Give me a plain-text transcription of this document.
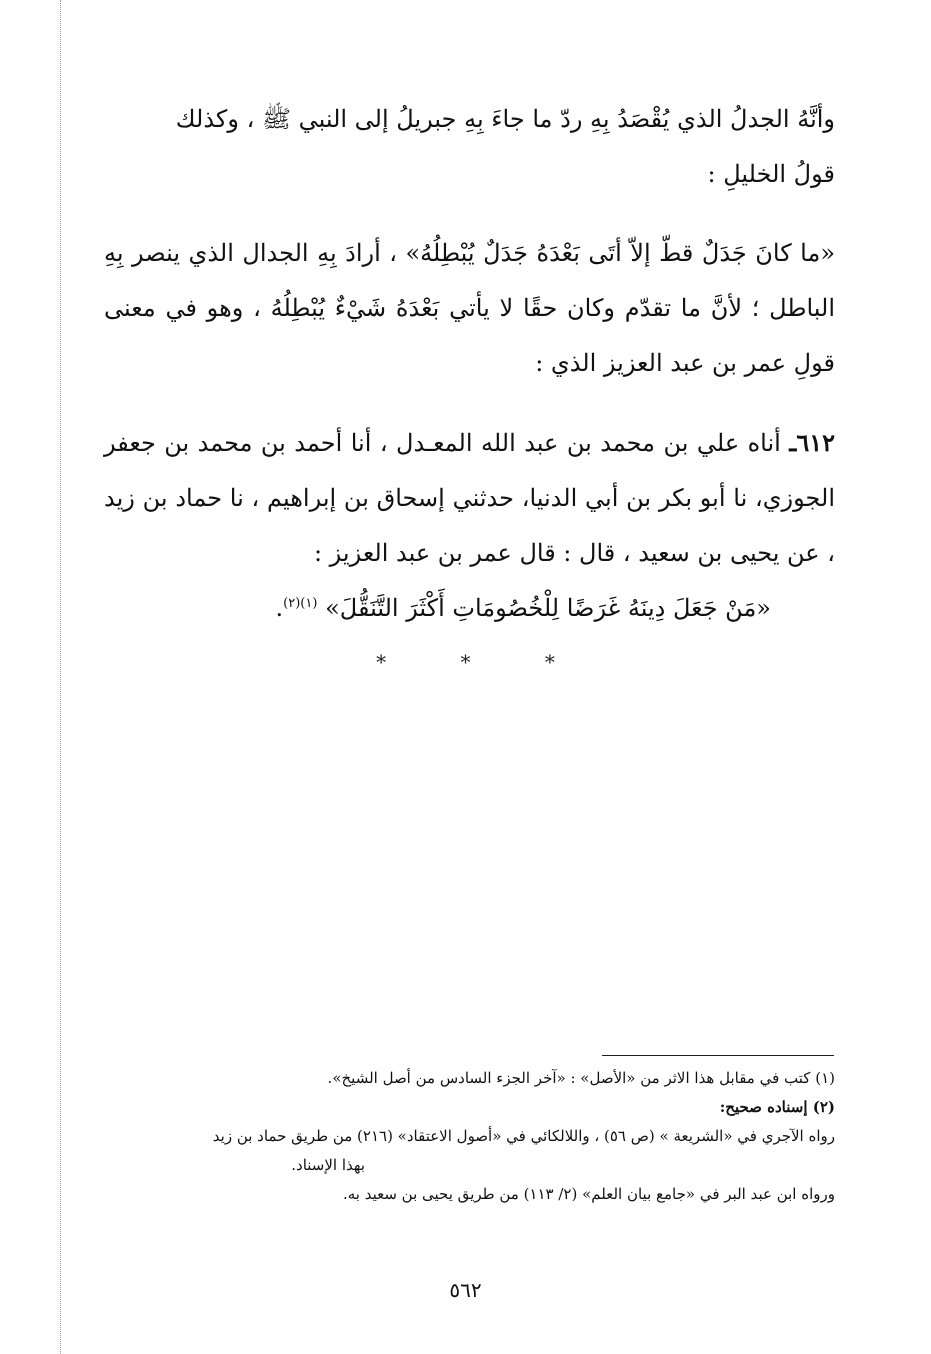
وأنَّهُ الجدلُ الذي يُقْصَدُ بِهِ ردّ ما جاءَ بِهِ جبريلُ إلى النبي ﷺ ، وكذلك
قولُ الخليلِ :

«ما كانَ جَدَلٌ قطّ إلاّ أتَى بَعْدَهُ جَدَلٌ يُبْطِلُهُ» ، أرادَ بِهِ الجدال الذي ينصر بِهِ الباطل ؛ لأنَّ ما تقدّم وكان حقًا لا يأتي بَعْدَهُ شَيْءٌ يُبْطِلُهُ ، وهو في معنى قولِ عمر بن عبد العزيز الذي :

٦١٢ـ أناه علي بن محمد بن عبد الله المعـدل ، أنا أحمد بن محمد بن جعفر الجوزي، نا أبو بكر بن أبي الدنيا، حدثني إسحاق بن إبراهيم ، نا حماد بن زيد ، عن يحيى بن سعيد ، قال : قال عمر بن عبد العزيز :

«مَنْ جَعَلَ دِينَهُ غَرَضًا لِلْخُصُومَاتِ أَكْثَرَ التَّنَقُّلَ» $^{(١)(٢)}$.

* * *

(١) كتب في مقابل هذا الاثر من «الأصل» : «آخر الجزء السادس من أصل الشيخ».

(٢) إسناده صحيح:

رواه الآجري في «الشريعة » (ص ٥٦) ، واللالكائي في «أصول الاعتقاد» (٢١٦) من طريق حماد بن زيد

بهذا الإسناد.

ورواه ابن عبد البر في «جامع بيان العلم» (٢/ ١١٣) من طريق يحيى بن سعيد به.

٥٦٢
